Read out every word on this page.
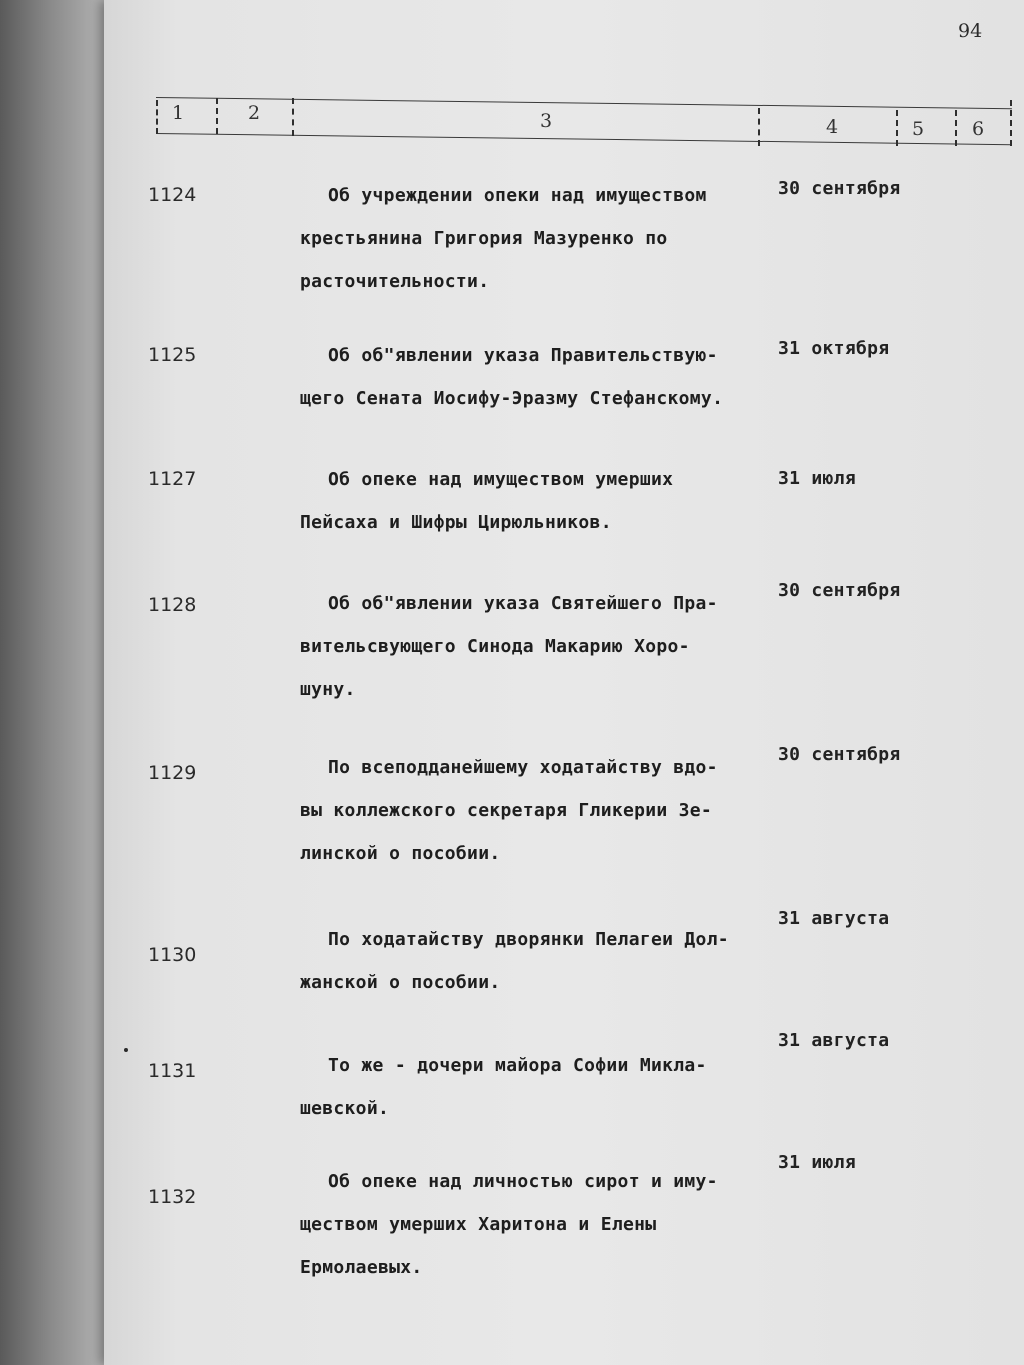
94
1	2	3	4	5	6
1124	Об учреждении опеки над имуществом
крестьянина Григория Мазуренко по
расточительности.
30 сентября
1125	Об об"явлении указа Правительствую-
щего Сената Иосифу-Эразму Стефанскому.
31 октября
1127	Об опеке над имуществом умерших
Пейсаха и Шифры Цирюльников.
31 июля
1128	Об об"явлении указа Святейшего Пра-
вительсвующего Синода Макарию Хоро-
шуну.
30 сентября
1129	По всеподданейшему ходатайству вдо-
вы коллежского секретаря Гликерии Зе-
линской о пособии.
30 сентября
1130
По ходатайству дворянки Пелагеи Дол-
жанской о пособии.
31 августа
1131	То же - дочери майора Софии Микла-
шевской.
31 августа
1132
Об опеке над личностью сирот и иму-
ществом умерших Харитона и Елены
Ермолаевых.
31 июля
